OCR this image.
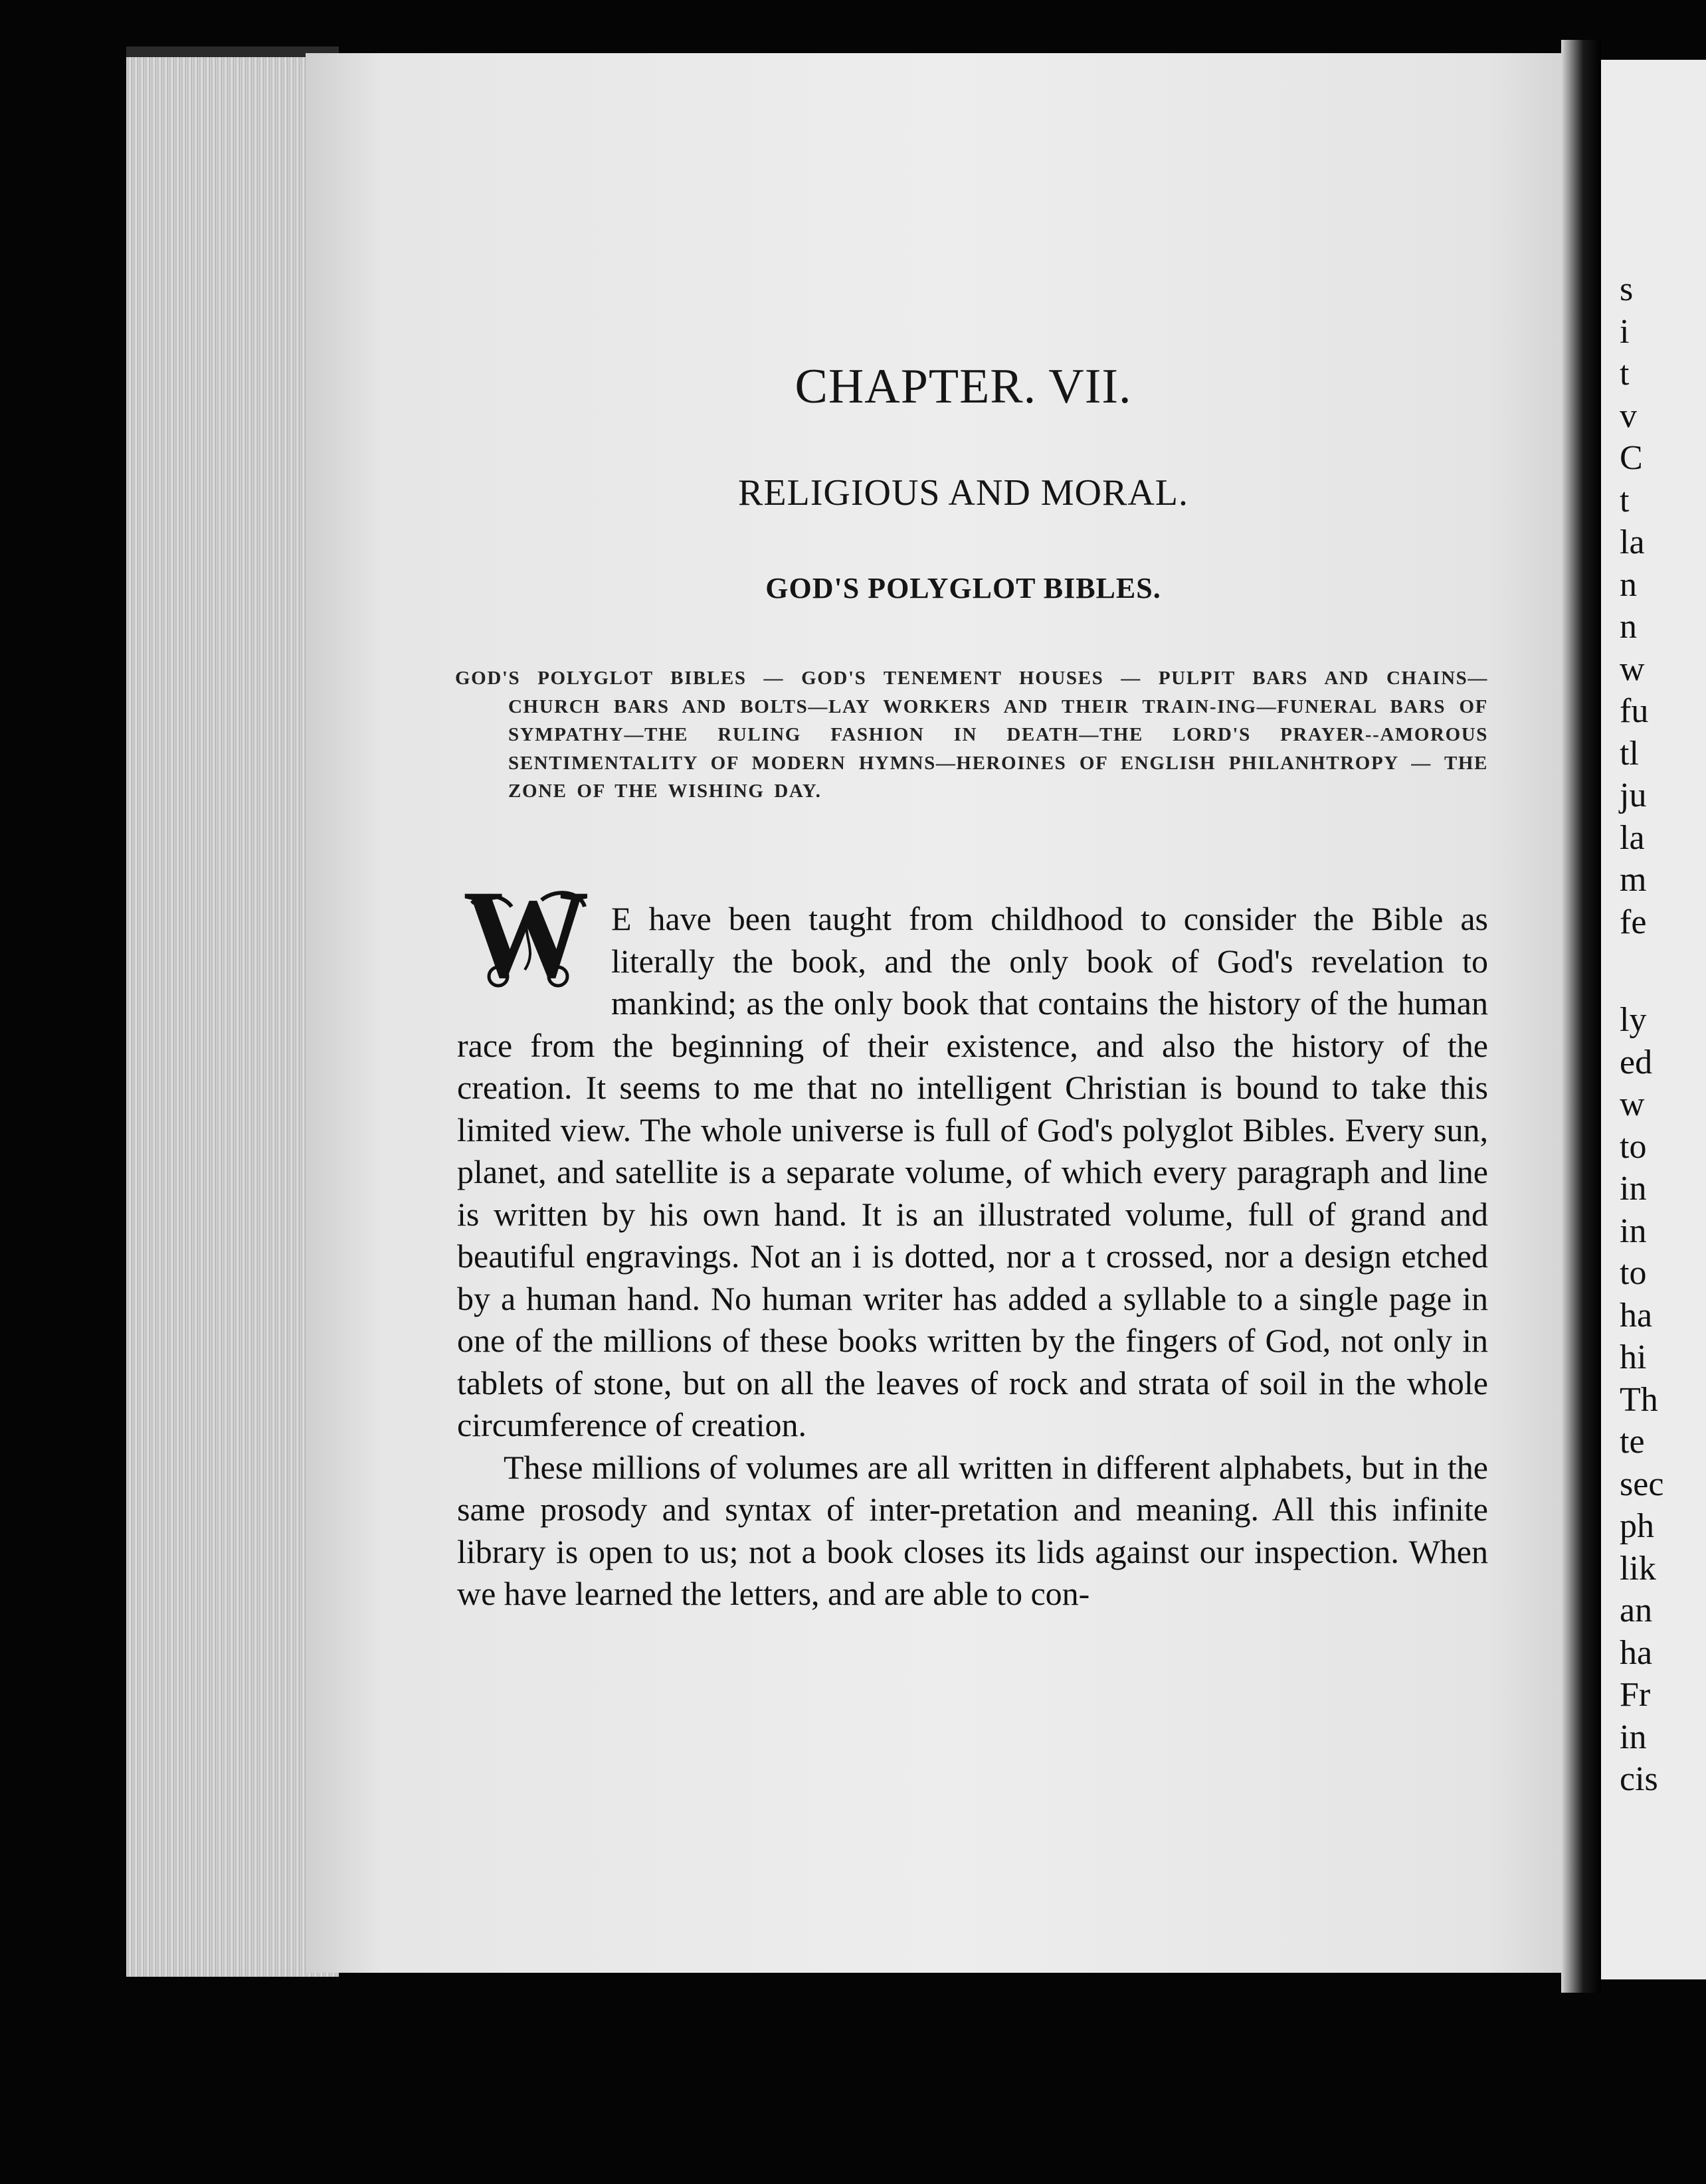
s
i
t
v
C
t
la
n
n
w
fu
tl
ju
la
m
fe
ly
ed
w
to
in
in
to
ha
hi
Th
te
sec
ph
lik
an
ha
Fr
in
cis
CHAPTER. VII.
RELIGIOUS AND MORAL.
GOD'S POLYGLOT BIBLES.
GOD'S POLYGLOT BIBLES — GOD'S TENEMENT HOUSES — PULPIT BARS AND CHAINS—CHURCH BARS AND BOLTS—LAY WORKERS AND THEIR TRAIN-ING—FUNERAL BARS OF SYMPATHY—THE RULING FASHION IN DEATH—THE LORD'S PRAYER--AMOROUS SENTIMENTALITY OF MODERN HYMNS—HEROINES OF ENGLISH PHILANHTROPY — THE ZONE OF THE WISHING DAY.
W E have been taught from childhood to consider the Bible as literally the book, and the only book of God's revelation to mankind; as the only book that contains the history of the human race from the beginning of their existence, and also the history of the creation. It seems to me that no intelligent Christian is bound to take this limited view. The whole universe is full of God's polyglot Bibles. Every sun, planet, and satellite is a separate volume, of which every paragraph and line is written by his own hand. It is an illustrated volume, full of grand and beautiful engravings. Not an i is dotted, nor a t crossed, nor a design etched by a human hand. No human writer has added a syllable to a single page in one of the millions of these books written by the fingers of God, not only in tablets of stone, but on all the leaves of rock and strata of soil in the whole circumference of creation.

These millions of volumes are all written in different alphabets, but in the same prosody and syntax of inter-pretation and meaning. All this infinite library is open to us; not a book closes its lids against our inspection. When we have learned the letters, and are able to con-
